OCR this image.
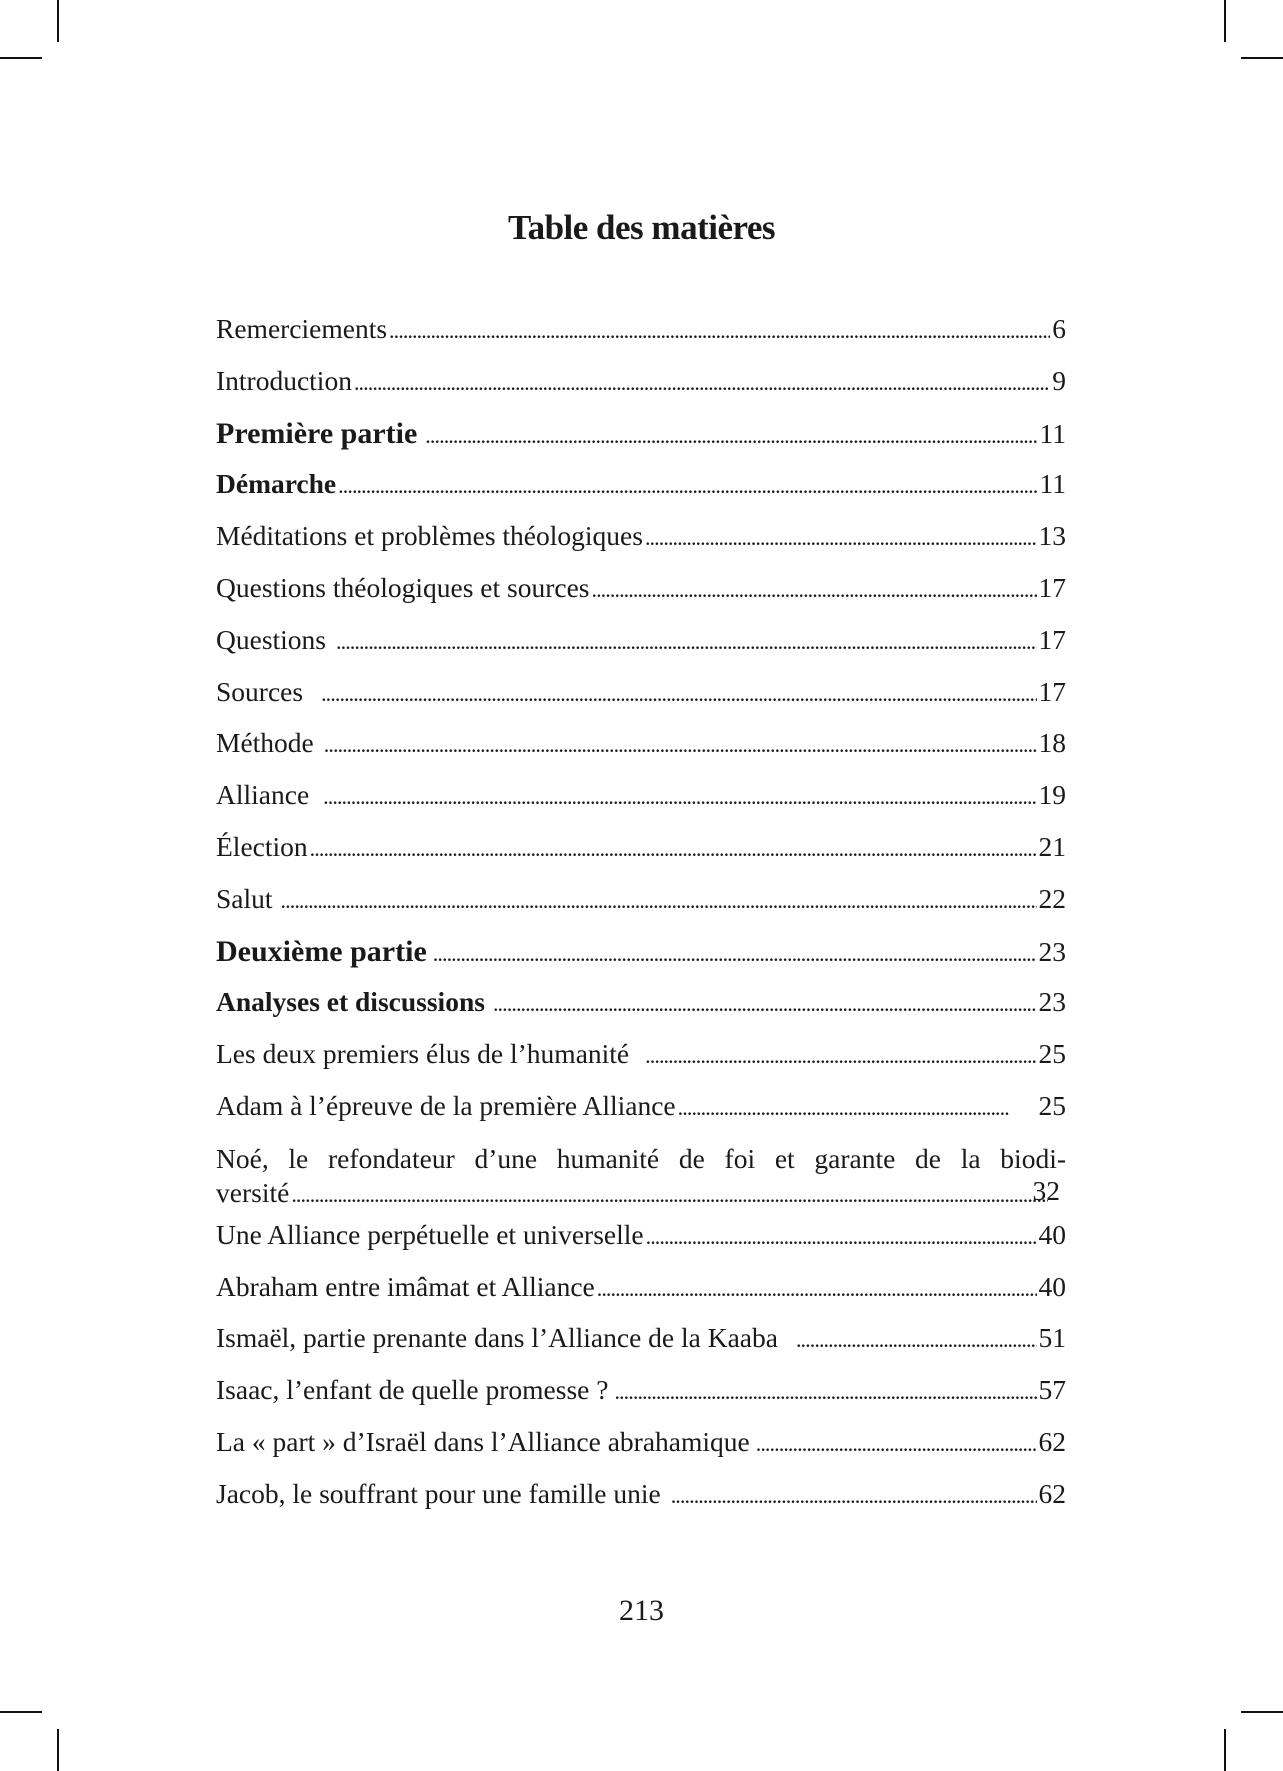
Table des matières
Remerciements . . .	6
Introduction . . .	9
Première partie . . .	11
Démarche . . .	11
Méditations et problèmes théologiques . . .	13
Questions théologiques et sources . . .	17
Questions . . .	17
Sources . . .	17
Méthode . . .	18
Alliance . . .	19
Élection . . .	21
Salut . . .	22
Deuxième partie . . .	23
Analyses et discussions . . .	23
Les deux premiers élus de l’humanité . . .	25
Adam à l’épreuve de la première Alliance . . .	25
Noé, le refondateur d’une humanité de foi et garante de la biodi-
versité . . .	32
Une Alliance perpétuelle et universelle . . .	40
Abraham entre imâmat et Alliance . . .	40
Ismaël, partie prenante dans l’Alliance de la Kaaba . . .	51
Isaac, l’enfant de quelle promesse ? . . .	57
La « part » d’Israël dans l’Alliance abrahamique . . .	62
Jacob, le souffrant pour une famille unie . . .	62
213
